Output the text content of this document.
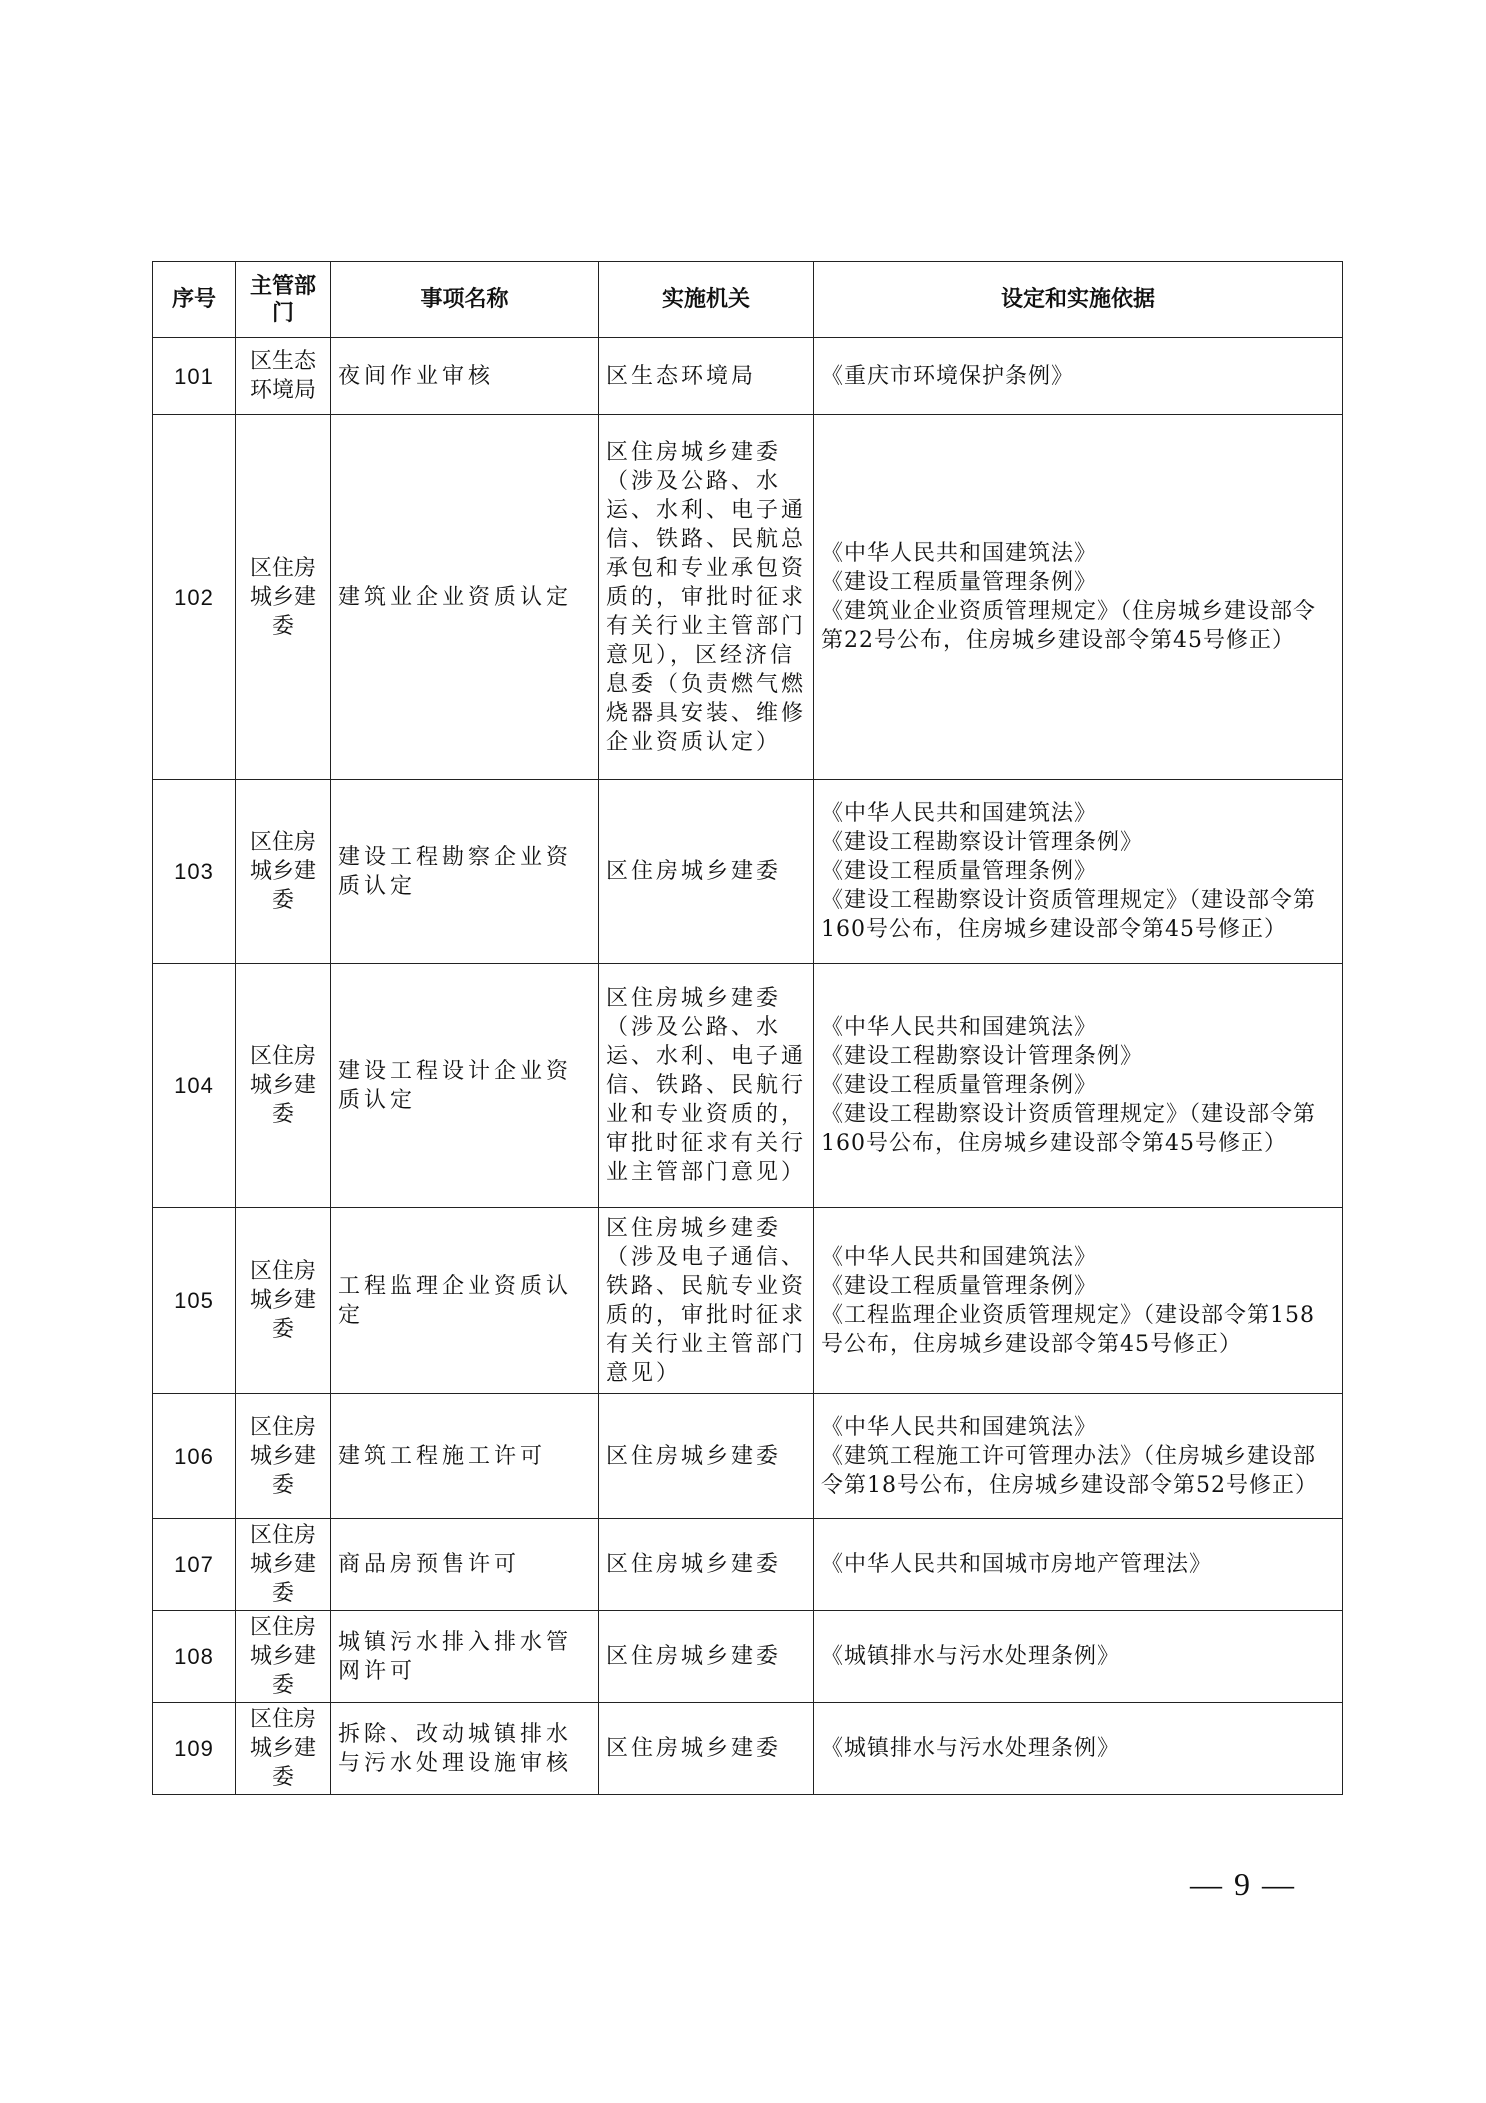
序号	主管部门	事项名称	实施机关	设定和实施依据
101	区生态环境局	夜间作业审核	区生态环境局	《重庆市环境保护条例》

102	区住房城乡建委	建筑业企业资质认定	区住房城乡建委（涉及公路、水运、水利、电子通信、铁路、民航总承包和专业承包资质的，审批时征求有关行业主管部门意见），区经济信息委（负责燃气燃烧器具安装、维修企业资质认定）	《中华人民共和国建筑法》
《建设工程质量管理条例》
《建筑业企业资质管理规定》（住房城乡建设部令第22号公布，住房城乡建设部令第45号修正）

103	区住房城乡建委	建设工程勘察企业资质认定	区住房城乡建委	《中华人民共和国建筑法》
《建设工程勘察设计管理条例》
《建设工程质量管理条例》
《建设工程勘察设计资质管理规定》（建设部令第160号公布，住房城乡建设部令第45号修正）

104	区住房城乡建委	建设工程设计企业资质认定	区住房城乡建委（涉及公路、水运、水利、电子通信、铁路、民航行业和专业资质的，审批时征求有关行业主管部门意见）	《中华人民共和国建筑法》
《建设工程勘察设计管理条例》
《建设工程质量管理条例》
《建设工程勘察设计资质管理规定》（建设部令第160号公布，住房城乡建设部令第45号修正）

105	区住房城乡建委	工程监理企业资质认定	区住房城乡建委（涉及电子通信、铁路、民航专业资质的，审批时征求有关行业主管部门意见）	《中华人民共和国建筑法》
《建设工程质量管理条例》
《工程监理企业资质管理规定》（建设部令第158号公布，住房城乡建设部令第45号修正）

106	区住房城乡建委	建筑工程施工许可	区住房城乡建委	《中华人民共和国建筑法》
《建筑工程施工许可管理办法》（住房城乡建设部令第18号公布，住房城乡建设部令第52号修正）

107	区住房城乡建委	商品房预售许可	区住房城乡建委	《中华人民共和国城市房地产管理法》

108	区住房城乡建委	城镇污水排入排水管网许可	区住房城乡建委	《城镇排水与污水处理条例》

109	区住房城乡建委	拆除、改动城镇排水与污水处理设施审核	区住房城乡建委	《城镇排水与污水处理条例》
— 9 —
